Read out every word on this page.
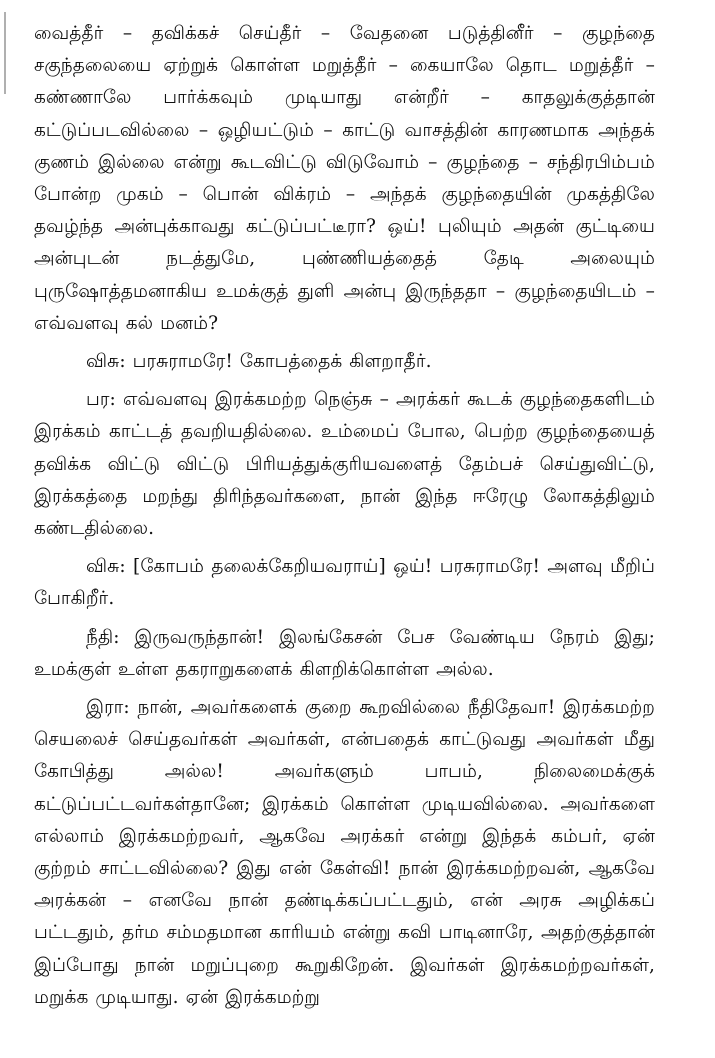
வைத்தீர் – தவிக்கச் செய்தீர் – வேதனை படுத்தினீர் – குழந்தை சகுந்தலையை ஏற்றுக் கொள்ள மறுத்தீர் – கையாலே தொட மறுத்தீர் – கண்ணாலே பார்க்கவும் முடியாது என்றீர் – காதலுக்குத்தான் கட்டுப்படவில்லை – ஒழியட்டும் – காட்டு வாசத்தின் காரணமாக அந்தக் குணம் இல்லை என்று கூடவிட்டு விடுவோம் – குழந்தை – சந்திரபிம்பம் போன்ற முகம் – பொன் விக்ரம் – அந்தக் குழந்தையின் முகத்திலே தவழ்ந்த அன்புக்காவது கட்டுப்பட்டீரா? ஒய்! புலியும் அதன் குட்டியை அன்புடன் நடத்துமே, புண்ணியத்தைத் தேடி அலையும் புருஷோத்தமனாகிய உமக்குத் துளி அன்பு இருந்ததா – குழந்தையிடம் – எவ்வளவு கல் மனம்?

விசு: பரசுராமரே! கோபத்தைக் கிளறாதீர்.

பர: எவ்வளவு இரக்கமற்ற நெஞ்சு – அரக்கர் கூடக் குழந்தைகளிடம் இரக்கம் காட்டத் தவறியதில்லை. உம்மைப் போல, பெற்ற குழந்தையைத் தவிக்க விட்டு விட்டு பிரியத்துக்குரியவளைத் தேம்பச் செய்துவிட்டு, இரக்கத்தை மறந்து திரிந்தவர்களை, நான் இந்த ஈரேழு லோகத்திலும் கண்டதில்லை.

விசு: [கோபம் தலைக்கேறியவராய்] ஒய்! பரசுராமரே! அளவு மீறிப் போகிறீர்.

நீதி: இருவருந்தான்! இலங்கேசன் பேச வேண்டிய நேரம் இது; உமக்குள் உள்ள தகராறுகளைக் கிளறிக்கொள்ள அல்ல.

இரா: நான், அவர்களைக் குறை கூறவில்லை நீதிதேவா! இரக்கமற்ற செயலைச் செய்தவர்கள் அவர்கள், என்பதைக் காட்டுவது அவர்கள் மீது கோபித்து அல்ல! அவர்களும் பாபம், நிலைமைக்குக் கட்டுப்பட்டவர்கள்தானே; இரக்கம் கொள்ள முடியவில்லை. அவர்களை எல்லாம் இரக்கமற்றவர், ஆகவே அரக்கர் என்று இந்தக் கம்பர், ஏன் குற்றம் சாட்டவில்லை? இது என் கேள்வி! நான் இரக்கமற்றவன், ஆகவே அரக்கன் – எனவே நான் தண்டிக்கப்பட்டதும், என் அரசு அழிக்கப் பட்டதும், தர்ம சம்மதமான காரியம் என்று கவி பாடினாரே, அதற்குத்தான் இப்போது நான் மறுப்புறை கூறுகிறேன். இவர்கள் இரக்கமற்றவர்கள், மறுக்க முடியாது. ஏன் இரக்கமற்று
